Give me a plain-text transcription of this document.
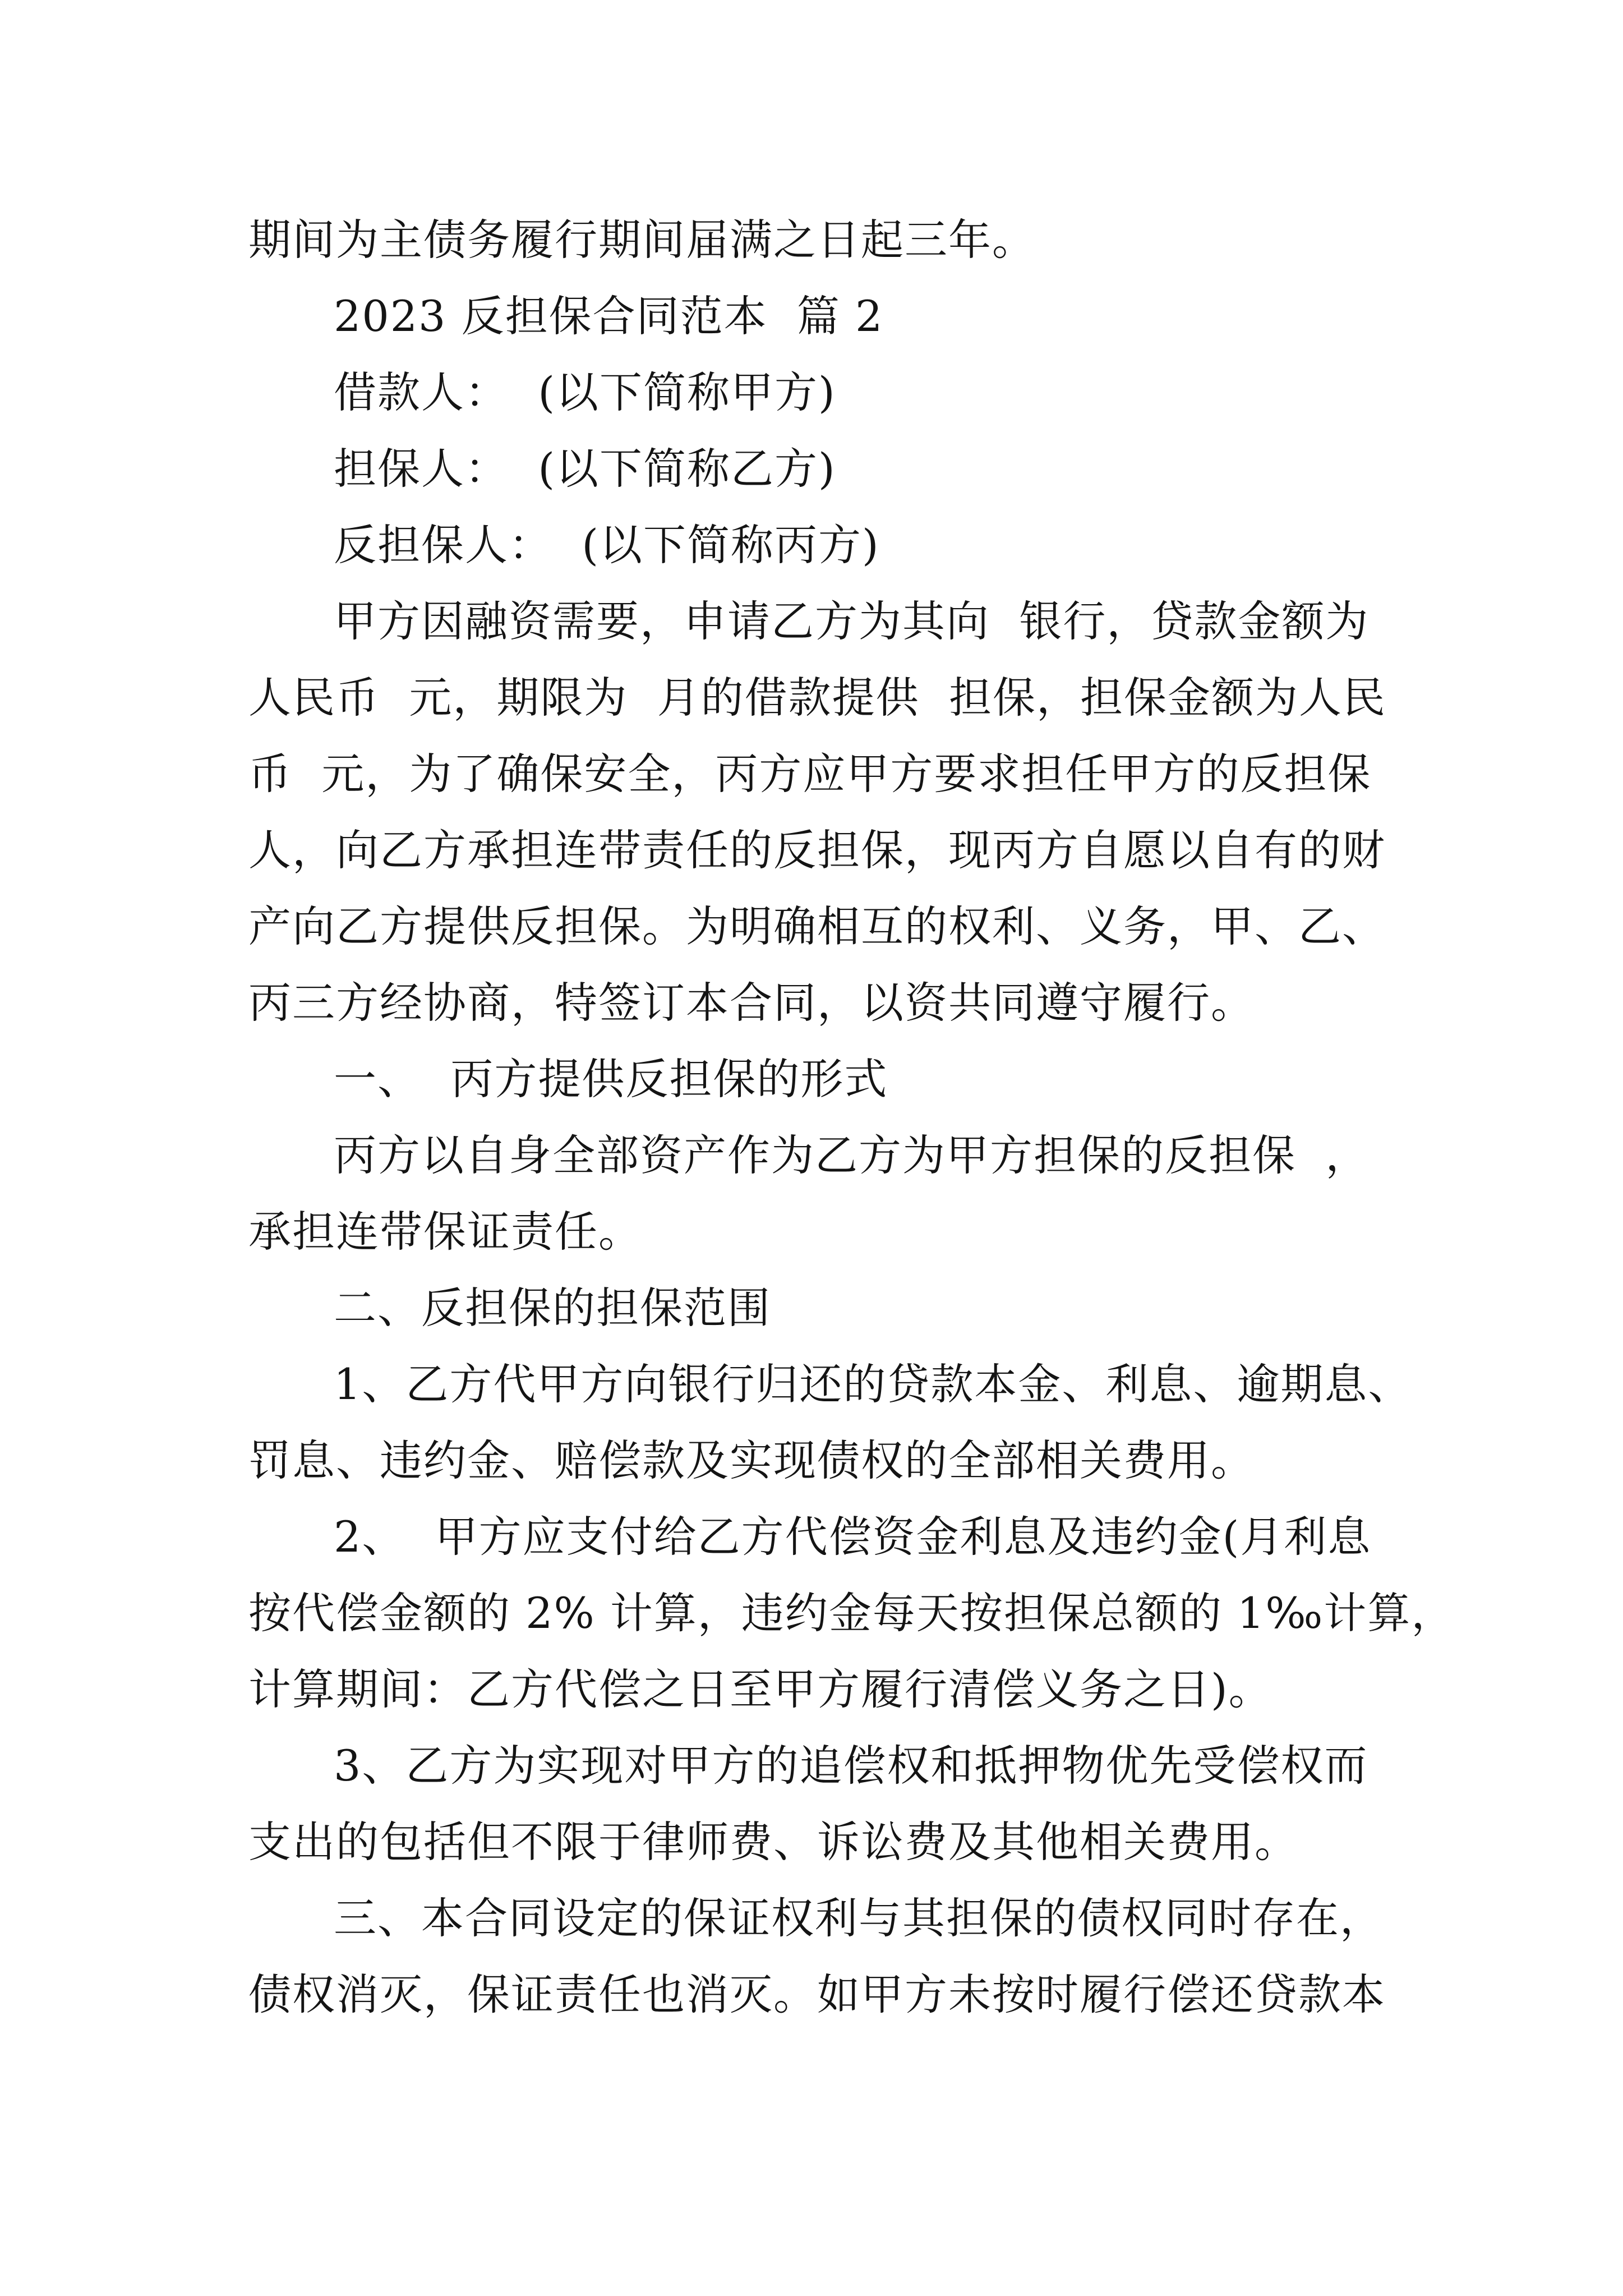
期间为主债务履行期间届满之日起三年。
2023 反担保合同范本  篇 2
借款人：  (以下简称甲方)
担保人：  (以下简称乙方)
反担保人：  (以下简称丙方)
甲方因融资需要，申请乙方为其向  银行，贷款金额为
人民币  元，期限为  月的借款提供  担保，担保金额为人民
币  元，为了确保安全，丙方应甲方要求担任甲方的反担保
人，向乙方承担连带责任的反担保，现丙方自愿以自有的财
产向乙方提供反担保。为明确相互的权利、义务，甲、乙、
丙三方经协商，特签订本合同，以资共同遵守履行。
一、  丙方提供反担保的形式
丙方以自身全部资产作为乙方为甲方担保的反担保  ，
承担连带保证责任。
二、反担保的担保范围
1、乙方代甲方向银行归还的贷款本金、利息、逾期息、
罚息、违约金、赔偿款及实现债权的全部相关费用。
2、  甲方应支付给乙方代偿资金利息及违约金(月利息
按代偿金额的 2% 计算，违约金每天按担保总额的 1‰计算，
计算期间：乙方代偿之日至甲方履行清偿义务之日)。
3、乙方为实现对甲方的追偿权和抵押物优先受偿权而
支出的包括但不限于律师费、诉讼费及其他相关费用。
三、本合同设定的保证权利与其担保的债权同时存在，
债权消灭，保证责任也消灭。如甲方未按时履行偿还贷款本
